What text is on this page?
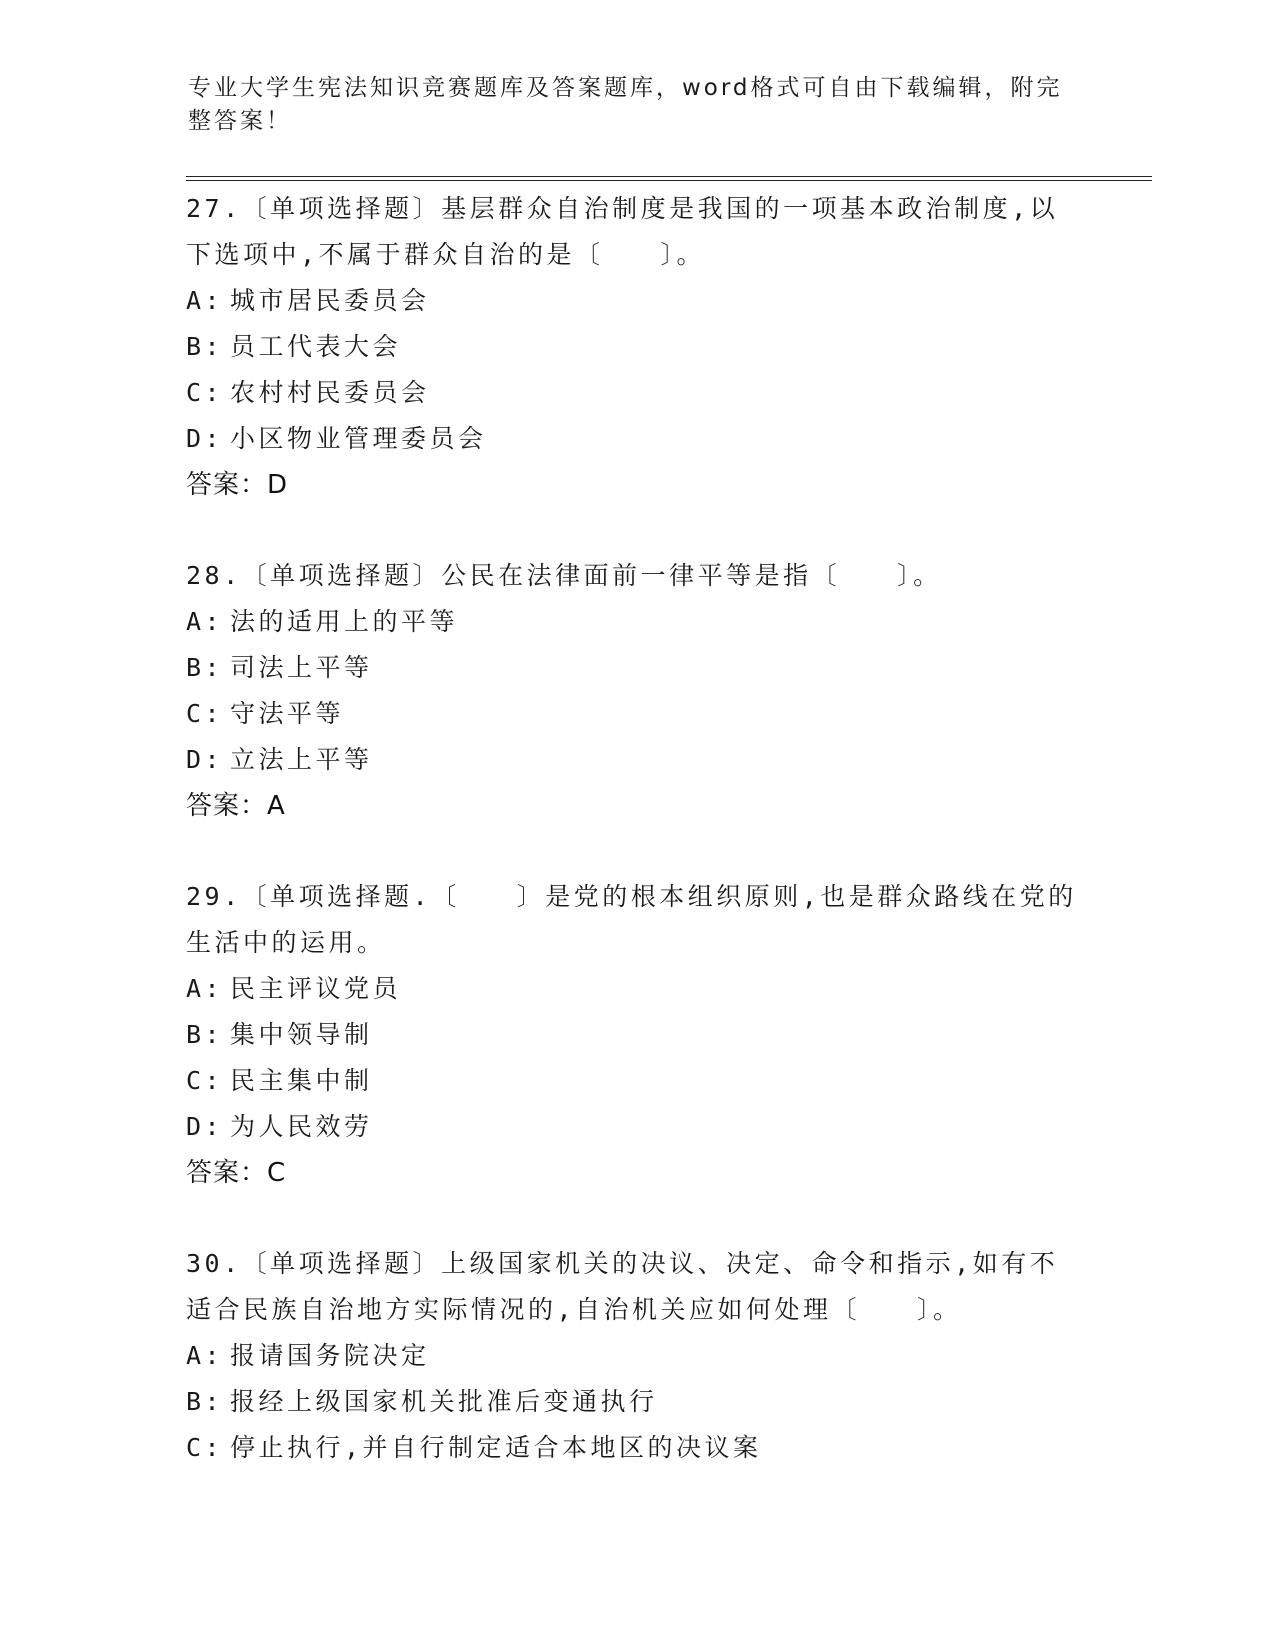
专业大学生宪法知识竞赛题库及答案题库，word格式可自由下载编辑，附完整答案！

27.〔单项选择题〕基层群众自治制度是我国的一项基本政治制度,以下选项中,不属于群众自治的是〔　　〕。

A: 城市居民委员会

B: 员工代表大会

C: 农村村民委员会

D: 小区物业管理委员会

答案：D

28.〔单项选择题〕公民在法律面前一律平等是指〔　　〕。

A: 法的适用上的平等

B: 司法上平等

C: 守法平等

D: 立法上平等

答案：A

29.〔单项选择题.〔　　〕是党的根本组织原则,也是群众路线在党的生活中的运用。

A: 民主评议党员

B: 集中领导制

C: 民主集中制

D: 为人民效劳

答案：C

30.〔单项选择题〕上级国家机关的决议、决定、命令和指示,如有不适合民族自治地方实际情况的,自治机关应如何处理〔　　〕。

A: 报请国务院决定

B: 报经上级国家机关批准后变通执行

C: 停止执行,并自行制定适合本地区的决议案
